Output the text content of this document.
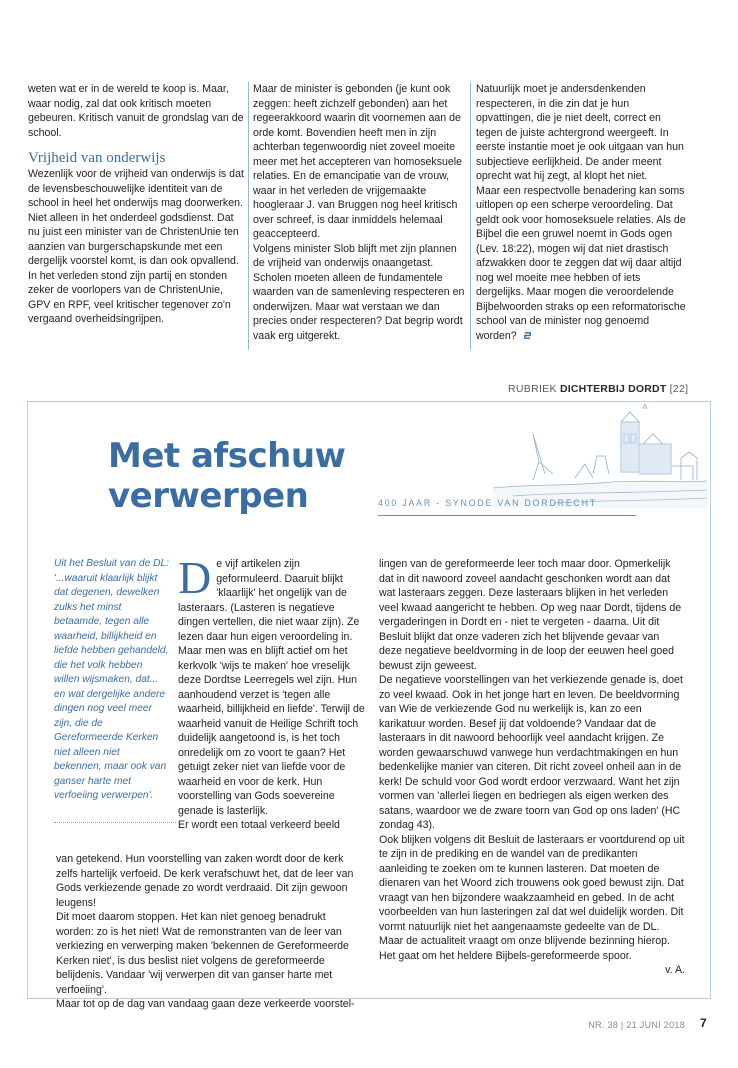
weten wat er in de wereld te koop is. Maar, waar nodig, zal dat ook kritisch moeten gebeuren. Kritisch vanuit de grondslag van de school.

Vrijheid van onderwijs

Wezenlijk voor de vrijheid van onderwijs is dat de levensbeschouwelijke identiteit van de school in heel het onderwijs mag doorwerken. Niet alleen in het onderdeel godsdienst. Dat nu juist een minister van de ChristenUnie ten aanzien van burgerschapskunde met een dergelijk voorstel komt, is dan ook opvallend. In het verleden stond zijn partij en stonden zeker de voorlopers van de ChristenUnie, GPV en RPF, veel kritischer tegenover zo'n vergaand overheidsingrijpen.

Maar de minister is gebonden (je kunt ook zeggen: heeft zichzelf gebonden) aan het regeerakkoord waarin dit voornemen aan de orde komt. Bovendien heeft men in zijn achterban tegenwoordig niet zoveel moeite meer met het accepteren van homoseksuele relaties. En de emancipatie van de vrouw, waar in het verleden de vrijgemaakte hoogleraar J. van Bruggen nog heel kritisch over schreef, is daar inmiddels helemaal geaccepteerd.

Volgens minister Slob blijft met zijn plannen de vrijheid van onderwijs onaangetast. Scholen moeten alleen de fundamentele waarden van de samenleving respecteren en onderwijzen. Maar wat verstaan we dan precies onder respecteren? Dat begrip wordt vaak erg uitgerekt.

Natuurlijk moet je andersdenkenden respecteren, in die zin dat je hun opvattingen, die je niet deelt, correct en tegen de juiste achtergrond weergeeft. In eerste instantie moet je ook uitgaan van hun subjectieve eerlijkheid. De ander meent oprecht wat hij zegt, al klopt het niet.

Maar een respectvolle benadering kan soms uitlopen op een scherpe veroordeling. Dat geldt ook voor homoseksuele relaties. Als de Bijbel die een gruwel noemt in Gods ogen (Lev. 18:22), mogen wij dat niet drastisch afzwakken door te zeggen dat wij daar altijd nog wel moeite mee hebben of iets dergelijks. Maar mogen die veroordelende Bijbelwoorden straks op een reformatorische school van de minister nog genoemd worden?

RUBRIEK DICHTERBIJ DORDT [22]
Met afschuw
verwerpen	400 JAAR - SYNODE VAN DORDRECHT
Uit het Besluit van de DL: '...waaruit klaarlijk blijkt dat degenen, dewelken zulks het minst betaamde, tegen alle waarheid, billijkheid en liefde hebben gehandeld, die het volk hebben willen wijsmaken, dat... en wat dergelijke andere dingen nog veel meer zijn, die de Gereformeerde Kerken niet alleen niet bekennen, maar ook van ganser harte met verfoeiing verwerpen'.

De vijf artikelen zijn geformuleerd. Daaruit blijkt 'klaarlijk' het ongelijk van de lasteraars. (Lasteren is negatieve dingen vertellen, die niet waar zijn). Ze lezen daar hun eigen veroordeling in. Maar men was en blijft actief om het kerkvolk 'wijs te maken' hoe vreselijk deze Dordtse Leerregels wel zijn. Hun aanhoudend verzet is 'tegen alle waarheid, billijkheid en liefde'. Terwijl de waarheid vanuit de Heilige Schrift toch duidelijk aangetoond is, is het toch onredelijk om zo voort te gaan? Het getuigt zeker niet van liefde voor de waarheid en voor de kerk. Hun voorstelling van Gods soevereine genade is lasterlijk.

Er wordt een totaal verkeerd beeld

van getekend. Hun voorstelling van zaken wordt door de kerk zelfs hartelijk verfoeid. De kerk verafschuwt het, dat de leer van Gods verkiezende genade zo wordt verdraaid. Dit zijn gewoon leugens!

Dit moet daarom stoppen. Het kan niet genoeg benadrukt worden: zo is het niet! Wat de remonstranten van de leer van verkiezing en verwerping maken 'bekennen de Gereformeerde Kerken niet', is dus beslist niet volgens de gereformeerde belijdenis. Vandaar 'wij verwerpen dit van ganser harte met verfoeiing'.

Maar tot op de dag van vandaag gaan deze verkeerde voorstel-

lingen van de gereformeerde leer toch maar door. Opmerkelijk dat in dit nawoord zoveel aandacht geschonken wordt aan dat wat lasteraars zeggen. Deze lasteraars blijken in het verleden veel kwaad aangericht te hebben. Op weg naar Dordt, tijdens de vergaderingen in Dordt en - niet te vergeten - daarna. Uit dit Besluit blijkt dat onze vaderen zich het blijvende gevaar van deze negatieve beeldvorming in de loop der eeuwen heel goed bewust zijn geweest.

De negatieve voorstellingen van het verkiezende genade is, doet zo veel kwaad. Ook in het jonge hart en leven. De beeldvorming van Wie de verkiezende God nu werkelijk is, kan zo een karikatuur worden. Besef jij dat voldoende? Vandaar dat de lasteraars in dit nawoord behoorlijk veel aandacht krijgen. Ze worden gewaarschuwd vanwege hun verdachtmakingen en hun bedenkelijke manier van citeren. Dit richt zoveel onheil aan in de kerk! De schuld voor God wordt erdoor verzwaard. Want het zijn vormen van 'allerlei liegen en bedriegen als eigen werken des satans, waardoor we de zware toorn van God op ons laden' (HC zondag 43).

Ook blijken volgens dit Besluit de lasteraars er voortdurend op uit te zijn in de prediking en de wandel van de predikanten aanleiding te zoeken om te kunnen lasteren. Dat moeten de dienaren van het Woord zich trouwens ook goed bewust zijn. Dat vraagt van hen bijzondere waakzaamheid en gebed. In de acht voorbeelden van hun lasteringen zal dat wel duidelijk worden. Dit vormt natuurlijk niet het aangenaamste gedeelte van de DL. Maar de actualiteit vraagt om onze blijvende bezinning hierop. Het gaat om het heldere Bijbels-gereformeerde spoor.

v. A.

NR. 38 | 21 JUNI 2018 7
